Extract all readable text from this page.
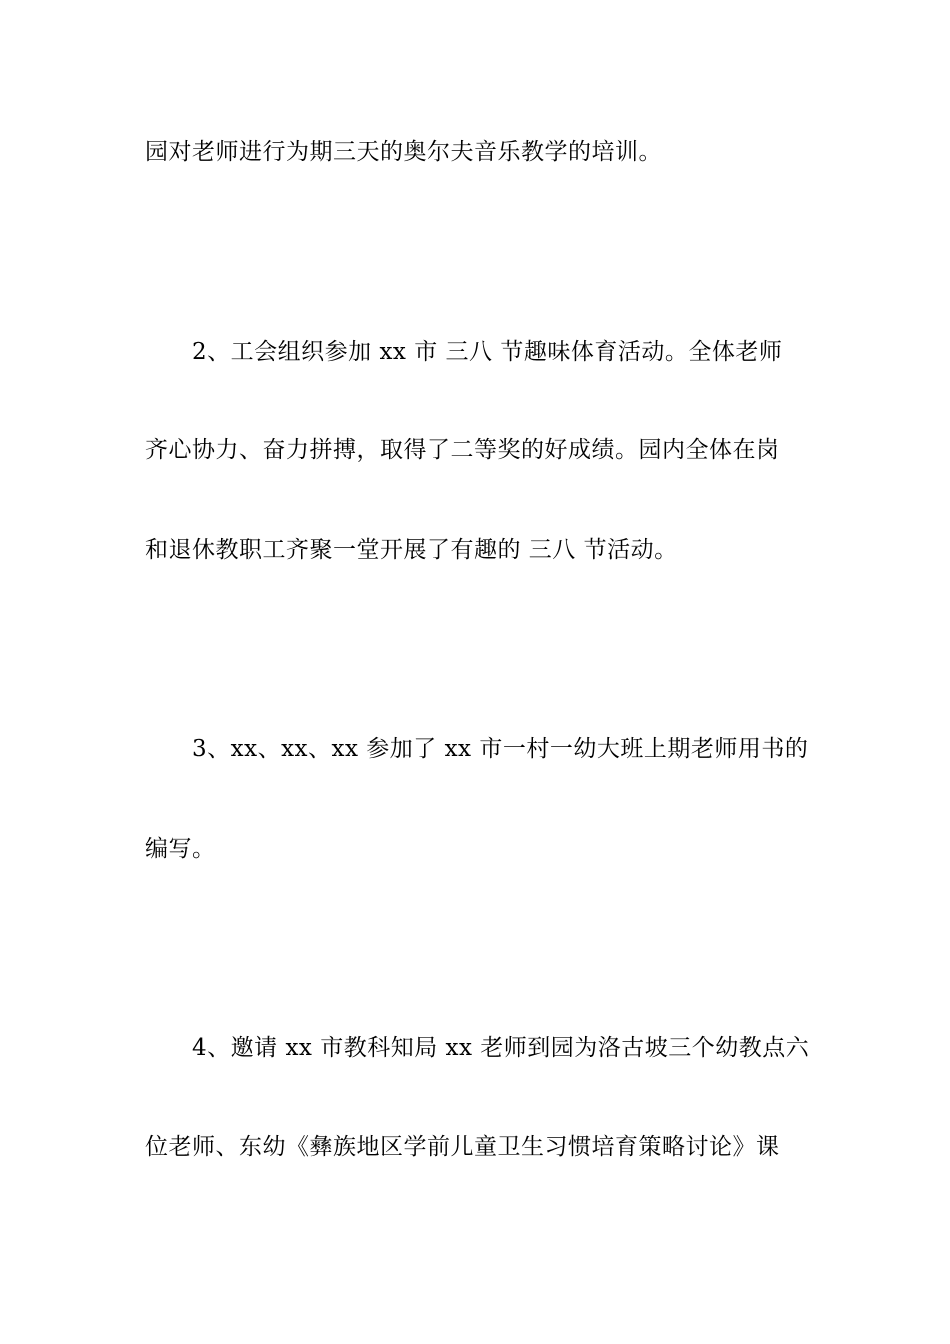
园对老师进行为期三天的奥尔夫音乐教学的培训。
2、工会组织参加 xx 市 三八 节趣味体育活动。全体老师
齐心协力、奋力拼搏，取得了二等奖的好成绩。园内全体在岗
和退休教职工齐聚一堂开展了有趣的 三八 节活动。
3、xx、xx、xx 参加了 xx 市一村一幼大班上期老师用书的
编写。
4、邀请 xx 市教科知局 xx 老师到园为洛古坡三个幼教点六
位老师、东幼《彝族地区学前儿童卫生习惯培育策略讨论》课
